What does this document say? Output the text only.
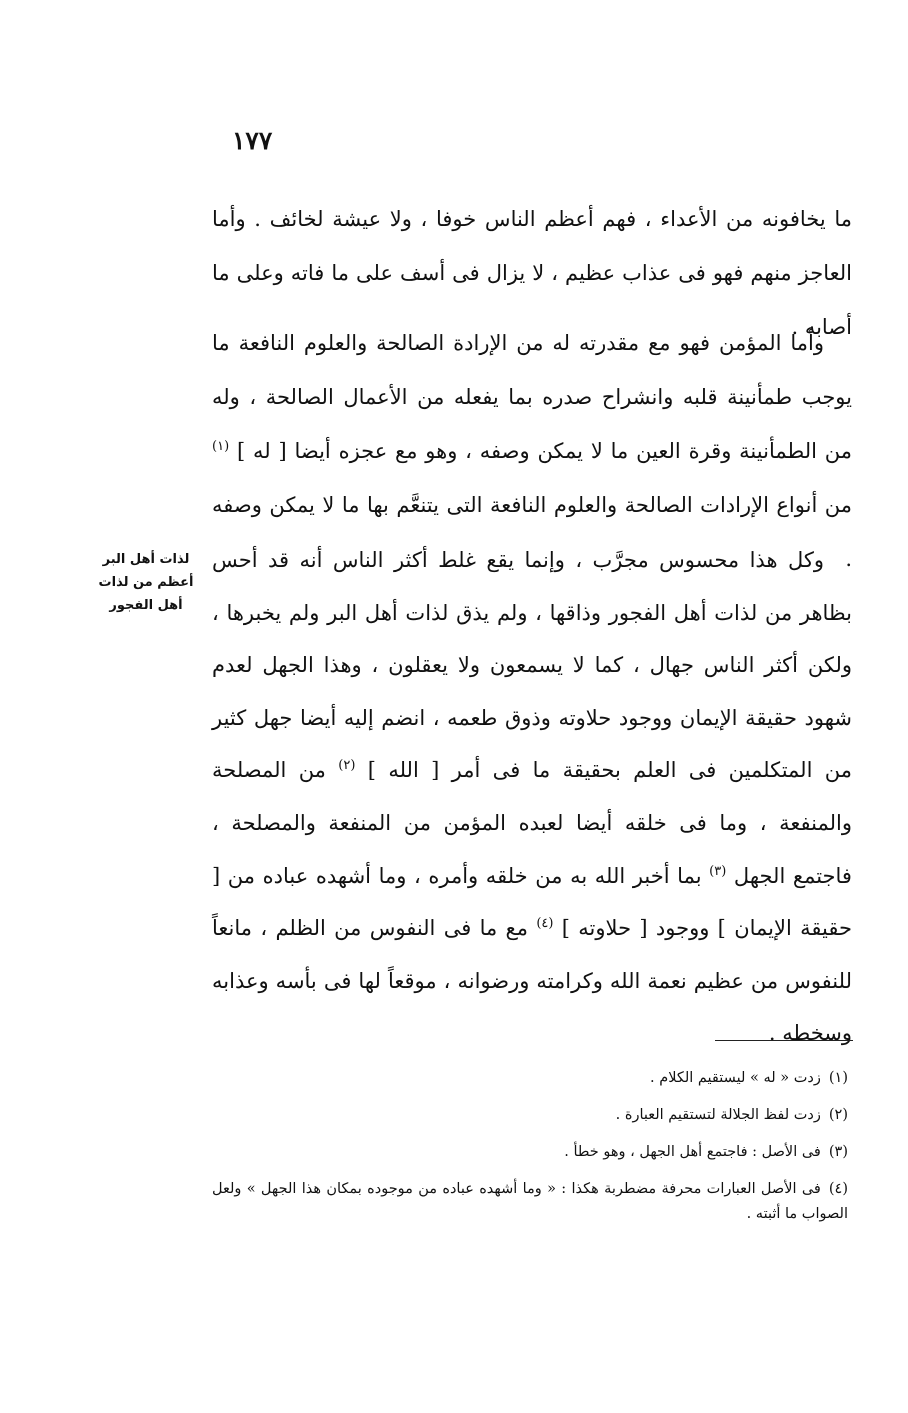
١٧٧

ما يخافونه من الأعداء ، فهم أعظم الناس خوفا ، ولا عيشة لخائف . وأما العاجز منهم فهو فى عذاب عظيم ، لا يزال فى أسف على ما فاته وعلى ما أصابه .

وأما المؤمن فهو مع مقدرته له من الإرادة الصالحة والعلوم النافعة ما يوجب طمأنينة قلبه وانشراح صدره بما يفعله من الأعمال الصالحة ، وله من الطمأنينة وقرة العين ما لا يمكن وصفه ، وهو مع عجزه أيضا [ له ] $^{(١)}$ من أنواع الإرادات الصالحة والعلوم النافعة التى يتنعَّم بها ما لا يمكن وصفه .

وكل هذا محسوس مجرَّب ، وإنما يقع غلط أكثر الناس أنه قد أحس بظاهر من لذات أهل الفجور وذاقها ، ولم يذق لذات أهل البر ولم يخبرها ، ولكن أكثر الناس جهال ، كما لا يسمعون ولا يعقلون ، وهذا الجهل لعدم شهود حقيقة الإيمان ووجود حلاوته وذوق طعمه ، انضم إليه أيضا جهل كثير من المتكلمين فى العلم بحقيقة ما فى أمر [ الله ] $^{(٢)}$ من المصلحة والمنفعة ، وما فى خلقه أيضا لعبده المؤمن من المنفعة والمصلحة ، فاجتمع الجهل $^{(٣)}$ بما أخبر الله به من خلقه وأمره ، وما أشهده عباده من [ حقيقة الإيمان ] ووجود [ حلاوته ] $^{(٤)}$ مع ما فى النفوس من الظلم ، مانعاً للنفوس من عظيم نعمة الله وكرامته ورضوانه ، موقعاً لها فى بأسه وعذابه وسخطه .

لذات أهل البر
أعظم من لذات
أهل الفجور

(١)زدت « له » ليستقيم الكلام .

(٢)زدت لفظ الجلالة لتستقيم العبارة .

(٣)فى الأصل : فاجتمع أهل الجهل ، وهو خطأ .

(٤)فى الأصل العبارات محرفة مضطربة هكذا : « وما أشهده عباده من موجوده بمكان هذا الجهل » ولعل الصواب ما أثبته .
